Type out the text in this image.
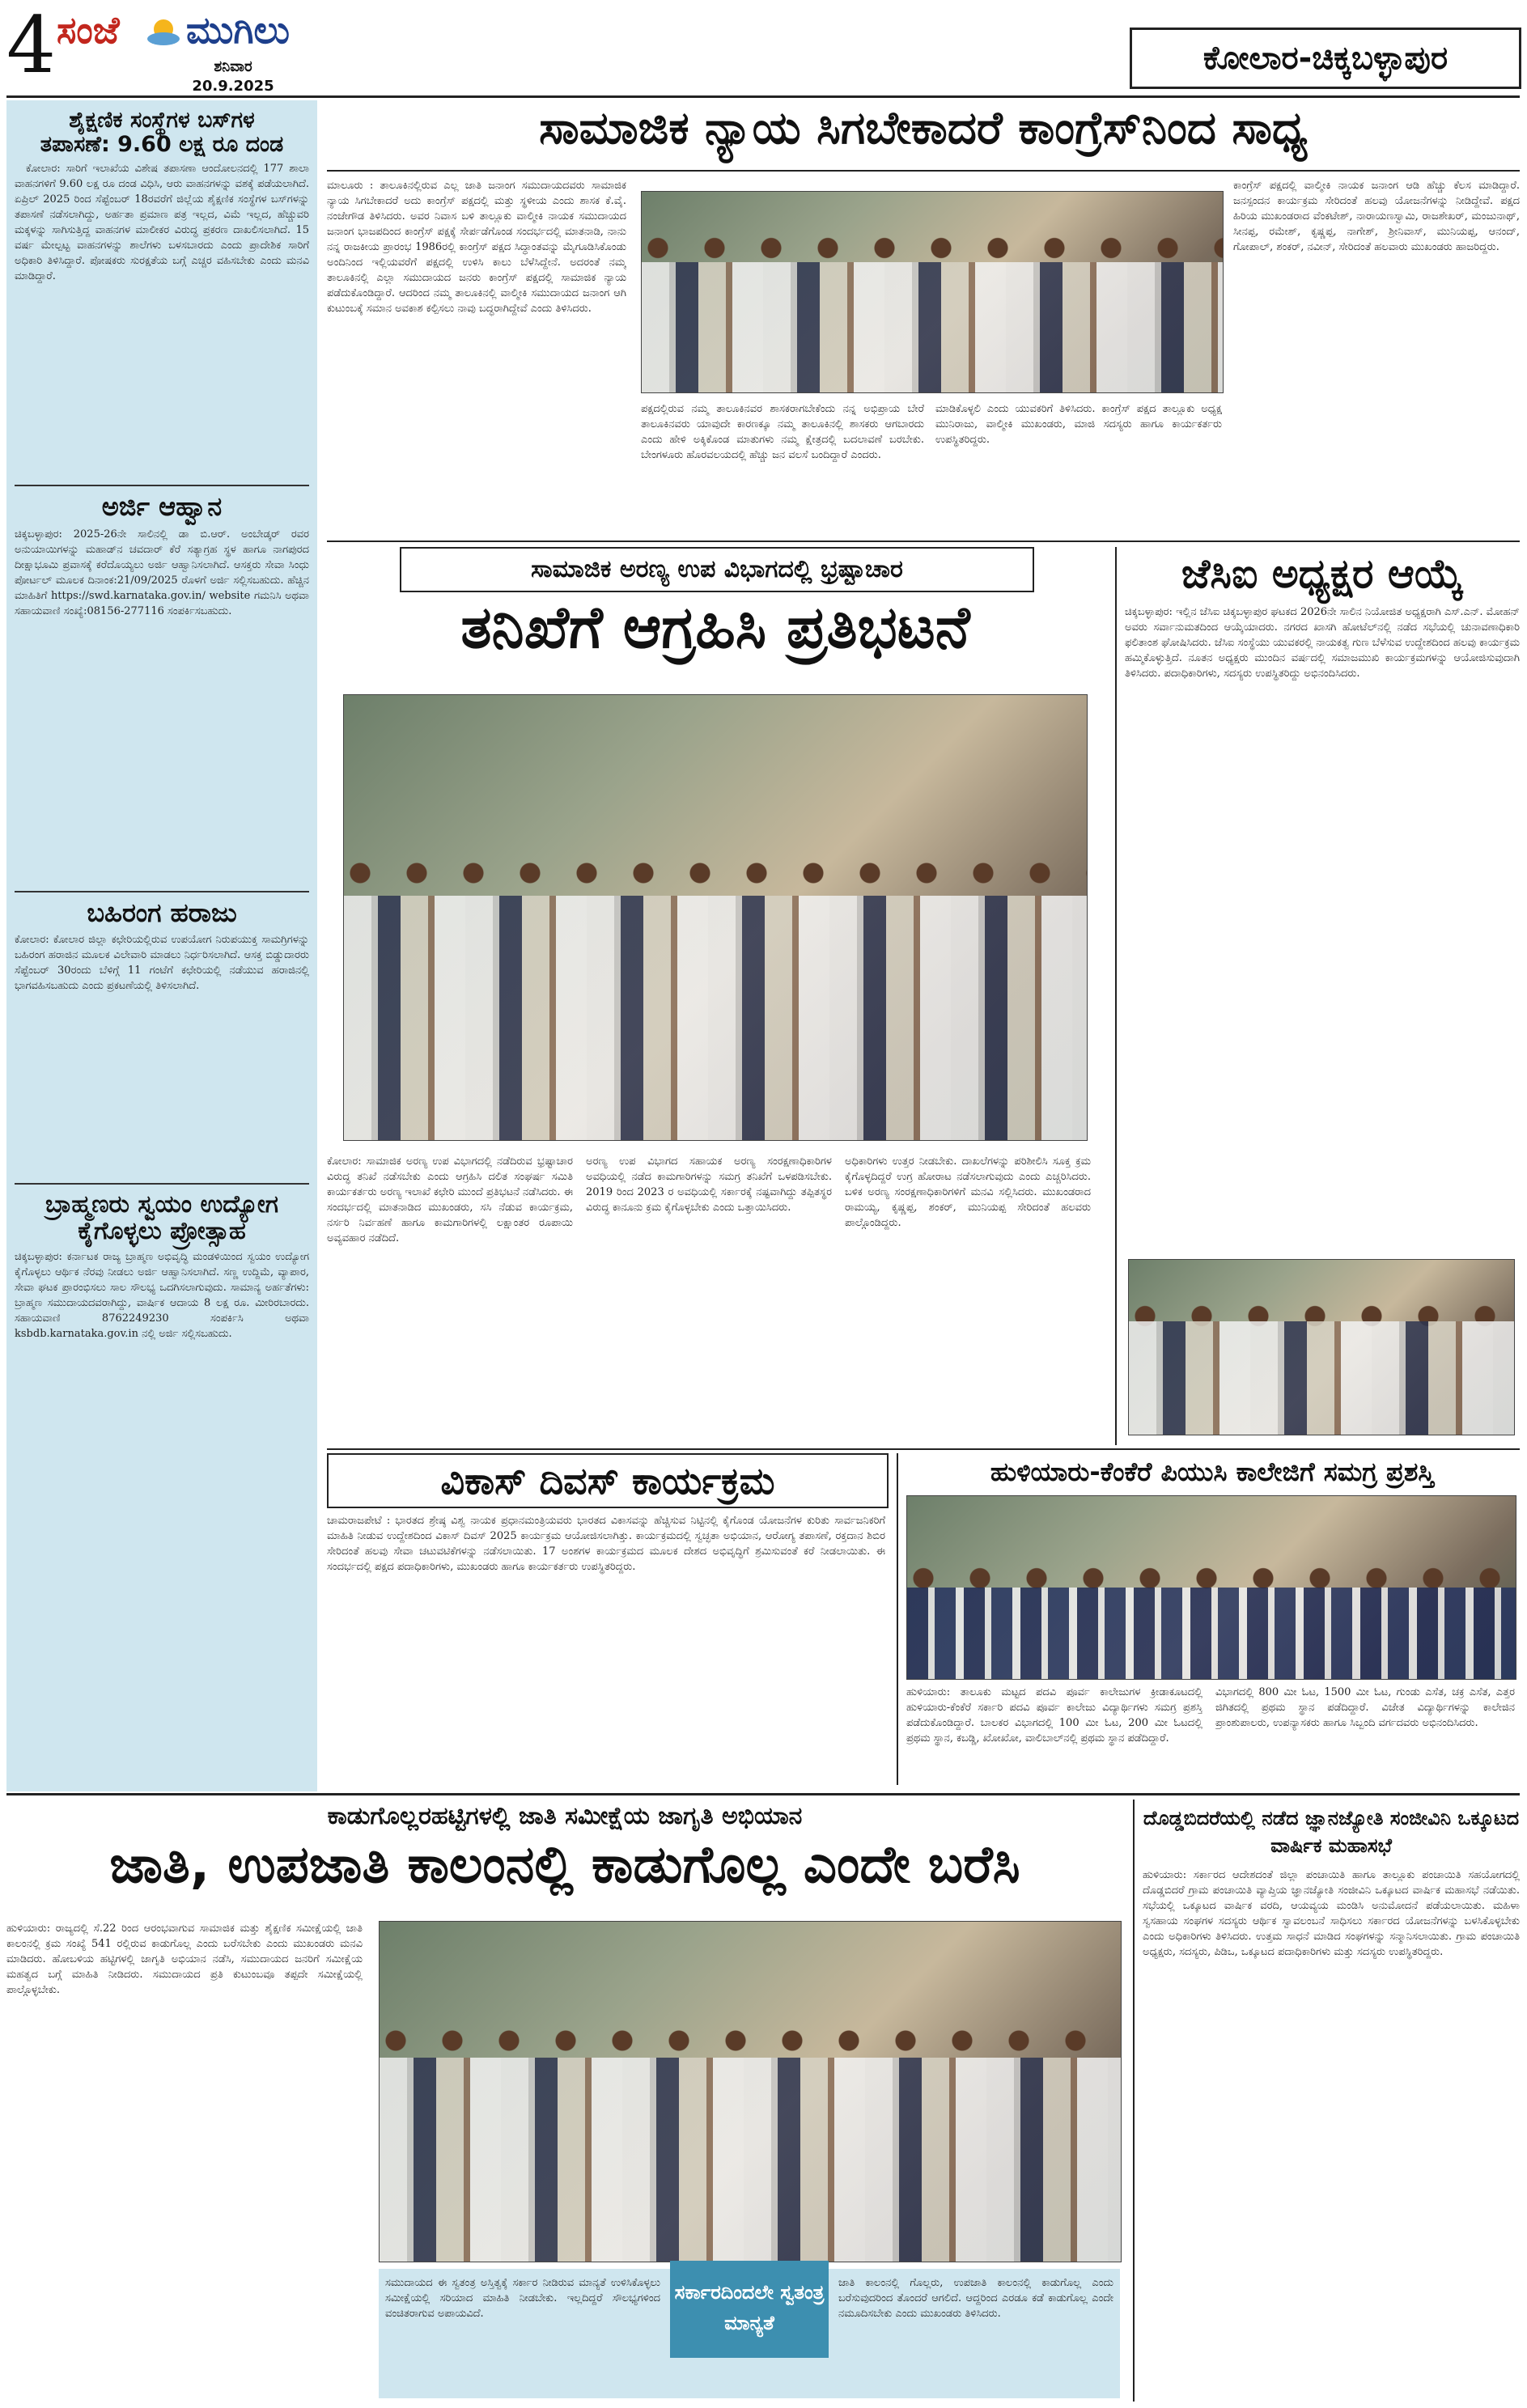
4 ಸಂಜೆ ಮುಗಿಲು
ಶನಿವಾರ
20.9.2025
ಕೋಲಾರ-ಚಿಕ್ಕಬಳ್ಳಾಪುರ
ಶೈಕ್ಷಣಿಕ ಸಂಸ್ಥೆಗಳ ಬಸ್‌ಗಳ
ತಪಾಸಣೆ: 9.60 ಲಕ್ಷ ರೂ ದಂಡ
ಕೋಲಾರ: ಸಾರಿಗೆ ಇಲಾಖೆಯ ವಿಶೇಷ ತಪಾಸಣಾ ಆಂದೋಲನದಲ್ಲಿ 177 ಶಾಲಾ ವಾಹನಗಳಿಗೆ 9.60 ಲಕ್ಷ ರೂ ದಂಡ ವಿಧಿಸಿ, ಆರು ವಾಹನಗಳನ್ನು ವಶಕ್ಕೆ ಪಡೆಯಲಾಗಿದೆ. ಏಪ್ರಿಲ್ 2025 ರಿಂದ ಸೆಪ್ಟೆಂಬರ್ 18ರವರೆಗೆ ಜಿಲ್ಲೆಯ ಶೈಕ್ಷಣಿಕ ಸಂಸ್ಥೆಗಳ ಬಸ್‌ಗಳನ್ನು ತಪಾಸಣೆ ನಡೆಸಲಾಗಿದ್ದು, ಅರ್ಹತಾ ಪ್ರಮಾಣ ಪತ್ರ ಇಲ್ಲದ, ವಿಮೆ ಇಲ್ಲದ, ಹೆಚ್ಚುವರಿ ಮಕ್ಕಳನ್ನು ಸಾಗಿಸುತ್ತಿದ್ದ ವಾಹನಗಳ ಮಾಲೀಕರ ವಿರುದ್ಧ ಪ್ರಕರಣ ದಾಖಲಿಸಲಾಗಿದೆ. 15 ವರ್ಷ ಮೇಲ್ಪಟ್ಟ ವಾಹನಗಳನ್ನು ಶಾಲೆಗಳು ಬಳಸಬಾರದು ಎಂದು ಪ್ರಾದೇಶಿಕ ಸಾರಿಗೆ ಅಧಿಕಾರಿ ತಿಳಿಸಿದ್ದಾರೆ. ಪೋಷಕರು ಸುರಕ್ಷತೆಯ ಬಗ್ಗೆ ಎಚ್ಚರ ವಹಿಸಬೇಕು ಎಂದು ಮನವಿ ಮಾಡಿದ್ದಾರೆ.
ಅರ್ಜಿ ಆಹ್ವಾನ
ಚಿಕ್ಕಬಳ್ಳಾಪುರ: 2025-26ನೇ ಸಾಲಿನಲ್ಲಿ ಡಾ ಬಿ.ಆರ್. ಅಂಬೇಡ್ಕರ್ ರವರ ಅನುಯಾಯಿಗಳನ್ನು ಮಹಾಡ್‌ನ ಚವದಾರ್ ಕೆರೆ ಸತ್ಯಾಗ್ರಹ ಸ್ಥಳ ಹಾಗೂ ನಾಗಪುರದ ದೀಕ್ಷಾಭೂಮಿ ಪ್ರವಾಸಕ್ಕೆ ಕರೆದೊಯ್ಯಲು ಅರ್ಜಿ ಆಹ್ವಾನಿಸಲಾಗಿದೆ. ಆಸಕ್ತರು ಸೇವಾ ಸಿಂಧು ಪೋರ್ಟಲ್ ಮೂಲಕ ದಿನಾಂಕ:21/09/2025 ರೊಳಗೆ ಅರ್ಜಿ ಸಲ್ಲಿಸಬಹುದು. ಹೆಚ್ಚಿನ ಮಾಹಿತಿಗೆ https://swd.karnataka.gov.in/ website ಗಮನಿಸಿ ಅಥವಾ ಸಹಾಯವಾಣಿ ಸಂಖ್ಯೆ:08156-277116 ಸಂಪರ್ಕಿಸಬಹುದು.
ಬಹಿರಂಗ ಹರಾಜು
ಕೋಲಾರ: ಕೋಲಾರ ಜಿಲ್ಲಾ ಕಛೇರಿಯಲ್ಲಿರುವ ಉಪಯೋಗ ನಿರುಪಯುಕ್ತ ಸಾಮಗ್ರಿಗಳನ್ನು ಬಹಿರಂಗ ಹರಾಜಿನ ಮೂಲಕ ವಿಲೇವಾರಿ ಮಾಡಲು ನಿರ್ಧರಿಸಲಾಗಿದೆ. ಆಸಕ್ತ ಬಿಡ್ಡುದಾರರು ಸೆಪ್ಟೆಂಬರ್ 30ರಂದು ಬೆಳಿಗ್ಗೆ 11 ಗಂಟೆಗೆ ಕಛೇರಿಯಲ್ಲಿ ನಡೆಯುವ ಹರಾಜಿನಲ್ಲಿ ಭಾಗವಹಿಸಬಹುದು ಎಂದು ಪ್ರಕಟಣೆಯಲ್ಲಿ ತಿಳಿಸಲಾಗಿದೆ.
ಬ್ರಾಹ್ಮಣರು ಸ್ವಯಂ ಉದ್ಯೋಗ ಕೈಗೊಳ್ಳಲು ಪ್ರೋತ್ಸಾಹ
ಚಿಕ್ಕಬಳ್ಳಾಪುರ: ಕರ್ನಾಟಕ ರಾಜ್ಯ ಬ್ರಾಹ್ಮಣ ಅಭಿವೃದ್ಧಿ ಮಂಡಳಿಯಿಂದ ಸ್ವಯಂ ಉದ್ಯೋಗ ಕೈಗೊಳ್ಳಲು ಆರ್ಥಿಕ ನೆರವು ನೀಡಲು ಅರ್ಜಿ ಆಹ್ವಾನಿಸಲಾಗಿದೆ. ಸಣ್ಣ ಉದ್ದಿಮೆ, ವ್ಯಾಪಾರ, ಸೇವಾ ಘಟಕ ಪ್ರಾರಂಭಿಸಲು ಸಾಲ ಸೌಲಭ್ಯ ಒದಗಿಸಲಾಗುವುದು. ಸಾಮಾನ್ಯ ಅರ್ಹತೆಗಳು: ಬ್ರಾಹ್ಮಣ ಸಮುದಾಯದವರಾಗಿದ್ದು, ವಾರ್ಷಿಕ ಆದಾಯ 8 ಲಕ್ಷ ರೂ. ಮೀರಿರಬಾರದು. ಸಹಾಯವಾಣಿ 8762249230 ಸಂಪರ್ಕಿಸಿ ಅಥವಾ ksbdb.karnataka.gov.in ನಲ್ಲಿ ಅರ್ಜಿ ಸಲ್ಲಿಸಬಹುದು.
ಸಾಮಾಜಿಕ ನ್ಯಾಯ ಸಿಗಬೇಕಾದರೆ ಕಾಂಗ್ರೆಸ್‌ನಿಂದ ಸಾಧ್ಯ
ಮಾಲೂರು : ತಾಲೂಕಿನಲ್ಲಿರುವ ಎಲ್ಲ ಜಾತಿ ಜನಾಂಗ ಸಮುದಾಯದವರು ಸಾಮಾಜಿಕ ನ್ಯಾಯ ಸಿಗಬೇಕಾದರೆ ಅದು ಕಾಂಗ್ರೆಸ್ ಪಕ್ಷದಲ್ಲಿ ಮತ್ತು ಸ್ಥಳೀಯ ಎಂದು ಶಾಸಕ ಕೆ.ವೈ. ನಂಜೇಗೌಡ ತಿಳಿಸಿದರು. ಅವರ ನಿವಾಸ ಬಳಿ ತಾಲ್ಲೂಕು ವಾಲ್ಮೀಕಿ ನಾಯಕ ಸಮುದಾಯದ ಜನಾಂಗ ಭಾಜಪದಿಂದ ಕಾಂಗ್ರೆಸ್ ಪಕ್ಷಕ್ಕೆ ಸೇರ್ಪಡೆಗೊಂಡ ಸಂದರ್ಭದಲ್ಲಿ ಮಾತನಾಡಿ, ನಾನು ನನ್ನ ರಾಜಕೀಯ ಪ್ರಾರಂಭ 1986ರಲ್ಲಿ ಕಾಂಗ್ರೆಸ್ ಪಕ್ಷದ ಸಿದ್ಧಾಂತವನ್ನು ಮೈಗೂಡಿಸಿಕೊಂಡು ಅಂದಿನಿಂದ ಇಲ್ಲಿಯವರೆಗೆ ಪಕ್ಷದಲ್ಲಿ ಉಳಿಸಿ ಕಾಲು ಬೆಳೆಸಿದ್ದೇನೆ. ಅದರಂತೆ ನಮ್ಮ ತಾಲೂಕಿನಲ್ಲಿ ಎಲ್ಲಾ ಸಮುದಾಯದ ಜನರು ಕಾಂಗ್ರೆಸ್ ಪಕ್ಷದಲ್ಲಿ ಸಾಮಾಜಿಕ ನ್ಯಾಯ ಪಡೆದುಕೊಂಡಿದ್ದಾರೆ. ಆದರಿಂದ ನಮ್ಮ ತಾಲೂಕಿನಲ್ಲಿ ವಾಲ್ಮೀಕಿ ಸಮುದಾಯದ ಜನಾಂಗ ಆಗಿ ಕುಟುಂಬಕ್ಕೆ ಸಮಾನ ಅವಕಾಶ ಕಲ್ಪಿಸಲು ನಾವು ಬದ್ಧರಾಗಿದ್ದೇವೆ ಎಂದು ತಿಳಿಸಿದರು.
ಪಕ್ಷದಲ್ಲಿರುವ ನಮ್ಮ ತಾಲೂಕಿನವರ ಶಾಸಕರಾಗಬೇಕೆಂದು ನನ್ನ ಅಭಿಪ್ರಾಯ ಬೇರೆ ತಾಲೂಕಿನವರು ಯಾವುದೇ ಕಾರಣಕ್ಕೂ ನಮ್ಮ ತಾಲೂಕಿನಲ್ಲಿ ಶಾಸಕರು ಆಗಬಾರದು ಎಂದು ಹೇಳಿ ಅಕ್ಕಿಕೊಂಡ ಮಾತುಗಳು ನಮ್ಮ ಕ್ಷೇತ್ರದಲ್ಲಿ ಬದಲಾವಣೆ ಬರಬೇಕು. ಬೇಂಗಳೂರು ಹೊರವಲಯದಲ್ಲಿ ಹೆಚ್ಚು ಜನ ವಲಸೆ ಬಂದಿದ್ದಾರೆ ಎಂದರು.
ಮಾಡಿಕೊಳ್ಳಲಿ ಎಂದು ಯುವಕರಿಗೆ ತಿಳಿಸಿದರು. ಕಾಂಗ್ರೆಸ್ ಪಕ್ಷದ ತಾಲ್ಲೂಕು ಅಧ್ಯಕ್ಷ ಮುನಿರಾಜು, ವಾಲ್ಮೀಕಿ ಮುಖಂಡರು, ಮಾಜಿ ಸದಸ್ಯರು ಹಾಗೂ ಕಾರ್ಯಕರ್ತರು ಉಪಸ್ಥಿತರಿದ್ದರು.
ಕಾಂಗ್ರೆಸ್ ಪಕ್ಷದಲ್ಲಿ ವಾಲ್ಮೀಕಿ ನಾಯಕ ಜನಾಂಗ ಆಡಿ ಹೆಚ್ಚು ಕೆಲಸ ಮಾಡಿದ್ದಾರೆ. ಜನಸ್ಪಂದನ ಕಾರ್ಯಕ್ರಮ ಸೇರಿದಂತೆ ಹಲವು ಯೋಜನೆಗಳನ್ನು ನೀಡಿದ್ದೇವೆ. ಪಕ್ಷದ ಹಿರಿಯ ಮುಖಂಡರಾದ ವೆಂಕಟೇಶ್, ನಾರಾಯಣಸ್ವಾಮಿ, ರಾಜಶೇಖರ್, ಮಂಜುನಾಥ್, ಸೀನಪ್ಪ, ರಮೇಶ್, ಕೃಷ್ಣಪ್ಪ, ನಾಗೇಶ್, ಶ್ರೀನಿವಾಸ್, ಮುನಿಯಪ್ಪ, ಆನಂದ್, ಗೋಪಾಲ್, ಶಂಕರ್, ನವೀನ್, ಸೇರಿದಂತೆ ಹಲವಾರು ಮುಖಂಡರು ಹಾಜರಿದ್ದರು.
ಸಾಮಾಜಿಕ ಅರಣ್ಯ ಉಪ ವಿಭಾಗದಲ್ಲಿ ಭ್ರಷ್ಟಾಚಾರ
ತನಿಖೆಗೆ ಆಗ್ರಹಿಸಿ ಪ್ರತಿಭಟನೆ
ಕೋಲಾರ: ಸಾಮಾಜಿಕ ಅರಣ್ಯ ಉಪ ವಿಭಾಗದಲ್ಲಿ ನಡೆದಿರುವ ಭ್ರಷ್ಟಾಚಾರ ವಿರುದ್ಧ ತನಿಖೆ ನಡೆಸಬೇಕು ಎಂದು ಆಗ್ರಹಿಸಿ ದಲಿತ ಸಂಘರ್ಷ ಸಮಿತಿ ಕಾರ್ಯಕರ್ತರು ಅರಣ್ಯ ಇಲಾಖೆ ಕಛೇರಿ ಮುಂದೆ ಪ್ರತಿಭಟನೆ ನಡೆಸಿದರು. ಈ ಸಂದರ್ಭದಲ್ಲಿ ಮಾತನಾಡಿದ ಮುಖಂಡರು, ಸಸಿ ನೆಡುವ ಕಾರ್ಯಕ್ರಮ, ನರ್ಸರಿ ನಿರ್ವಹಣೆ ಹಾಗೂ ಕಾಮಗಾರಿಗಳಲ್ಲಿ ಲಕ್ಷಾಂತರ ರೂಪಾಯಿ ಅವ್ಯವಹಾರ ನಡೆದಿದೆ.
ಅರಣ್ಯ ಉಪ ವಿಭಾಗದ ಸಹಾಯಕ ಅರಣ್ಯ ಸಂರಕ್ಷಣಾಧಿಕಾರಿಗಳ ಅವಧಿಯಲ್ಲಿ ನಡೆದ ಕಾಮಗಾರಿಗಳನ್ನು ಸಮಗ್ರ ತನಿಖೆಗೆ ಒಳಪಡಿಸಬೇಕು. 2019 ರಿಂದ 2023 ರ ಅವಧಿಯಲ್ಲಿ ಸರ್ಕಾರಕ್ಕೆ ನಷ್ಟವಾಗಿದ್ದು ತಪ್ಪಿತಸ್ಥರ ವಿರುದ್ಧ ಕಾನೂನು ಕ್ರಮ ಕೈಗೊಳ್ಳಬೇಕು ಎಂದು ಒತ್ತಾಯಿಸಿದರು.
ಅಧಿಕಾರಿಗಳು ಉತ್ತರ ನೀಡಬೇಕು. ದಾಖಲೆಗಳನ್ನು ಪರಿಶೀಲಿಸಿ ಸೂಕ್ತ ಕ್ರಮ ಕೈಗೊಳ್ಳದಿದ್ದರೆ ಉಗ್ರ ಹೋರಾಟ ನಡೆಸಲಾಗುವುದು ಎಂದು ಎಚ್ಚರಿಸಿದರು. ಬಳಿಕ ಅರಣ್ಯ ಸಂರಕ್ಷಣಾಧಿಕಾರಿಗಳಿಗೆ ಮನವಿ ಸಲ್ಲಿಸಿದರು. ಮುಖಂಡರಾದ ರಾಮಯ್ಯ, ಕೃಷ್ಣಪ್ಪ, ಶಂಕರ್, ಮುನಿಯಪ್ಪ ಸೇರಿದಂತೆ ಹಲವರು ಪಾಲ್ಗೊಂಡಿದ್ದರು.
ಜೆಸಿಐ ಅಧ್ಯಕ್ಷರ ಆಯ್ಕೆ
ಚಿಕ್ಕಬಳ್ಳಾಪುರ: ಇಲ್ಲಿನ ಜೆಸಿಐ ಚಿಕ್ಕಬಳ್ಳಾಪುರ ಘಟಕದ 2026ನೇ ಸಾಲಿನ ನಿಯೋಜಿತ ಅಧ್ಯಕ್ಷರಾಗಿ ಎಸ್.ಎನ್. ಮೋಹನ್ ಅವರು ಸರ್ವಾನುಮತದಿಂದ ಆಯ್ಕೆಯಾದರು. ನಗರದ ಖಾಸಗಿ ಹೋಟೆಲ್‌ನಲ್ಲಿ ನಡೆದ ಸಭೆಯಲ್ಲಿ ಚುನಾವಣಾಧಿಕಾರಿ ಫಲಿತಾಂಶ ಘೋಷಿಸಿದರು. ಜೆಸಿಐ ಸಂಸ್ಥೆಯು ಯುವಕರಲ್ಲಿ ನಾಯಕತ್ವ ಗುಣ ಬೆಳೆಸುವ ಉದ್ದೇಶದಿಂದ ಹಲವು ಕಾರ್ಯಕ್ರಮ ಹಮ್ಮಿಕೊಳ್ಳುತ್ತಿದೆ. ನೂತನ ಅಧ್ಯಕ್ಷರು ಮುಂದಿನ ವರ್ಷದಲ್ಲಿ ಸಮಾಜಮುಖಿ ಕಾರ್ಯಕ್ರಮಗಳನ್ನು ಆಯೋಜಿಸುವುದಾಗಿ ತಿಳಿಸಿದರು. ಪದಾಧಿಕಾರಿಗಳು, ಸದಸ್ಯರು ಉಪಸ್ಥಿತರಿದ್ದು ಅಭಿನಂದಿಸಿದರು.
ವಿಕಾಸ್ ದಿವಸ್ ಕಾರ್ಯಕ್ರಮ
ಚಾಮರಾಜಪೇಟೆ : ಭಾರತದ ಶ್ರೇಷ್ಠ ವಿಶ್ವ ನಾಯಕ ಪ್ರಧಾನಮಂತ್ರಿಯವರು ಭಾರತದ ವಿಕಾಸವನ್ನು ಹೆಚ್ಚಿಸುವ ನಿಟ್ಟಿನಲ್ಲಿ ಕೈಗೊಂಡ ಯೋಜನೆಗಳ ಕುರಿತು ಸಾರ್ವಜನಿಕರಿಗೆ ಮಾಹಿತಿ ನೀಡುವ ಉದ್ದೇಶದಿಂದ ವಿಕಾಸ್ ದಿವಸ್ 2025 ಕಾರ್ಯಕ್ರಮ ಆಯೋಜಿಸಲಾಗಿತ್ತು. ಕಾರ್ಯಕ್ರಮದಲ್ಲಿ ಸ್ವಚ್ಛತಾ ಅಭಿಯಾನ, ಆರೋಗ್ಯ ತಪಾಸಣೆ, ರಕ್ತದಾನ ಶಿಬಿರ ಸೇರಿದಂತೆ ಹಲವು ಸೇವಾ ಚಟುವಟಿಕೆಗಳನ್ನು ನಡೆಸಲಾಯಿತು. 17 ಅಂಶಗಳ ಕಾರ್ಯಕ್ರಮದ ಮೂಲಕ ದೇಶದ ಅಭಿವೃದ್ಧಿಗೆ ಶ್ರಮಿಸುವಂತೆ ಕರೆ ನೀಡಲಾಯಿತು. ಈ ಸಂದರ್ಭದಲ್ಲಿ ಪಕ್ಷದ ಪದಾಧಿಕಾರಿಗಳು, ಮುಖಂಡರು ಹಾಗೂ ಕಾರ್ಯಕರ್ತರು ಉಪಸ್ಥಿತರಿದ್ದರು.
ಹುಳಿಯಾರು-ಕೆಂಕೆರೆ ಪಿಯುಸಿ ಕಾಲೇಜಿಗೆ ಸಮಗ್ರ ಪ್ರಶಸ್ತಿ
ಹುಳಿಯಾರು: ತಾಲೂಕು ಮಟ್ಟದ ಪದವಿ ಪೂರ್ವ ಕಾಲೇಜುಗಳ ಕ್ರೀಡಾಕೂಟದಲ್ಲಿ ಹುಳಿಯಾರು-ಕೆಂಕೆರೆ ಸರ್ಕಾರಿ ಪದವಿ ಪೂರ್ವ ಕಾಲೇಜು ವಿದ್ಯಾರ್ಥಿಗಳು ಸಮಗ್ರ ಪ್ರಶಸ್ತಿ ಪಡೆದುಕೊಂಡಿದ್ದಾರೆ. ಬಾಲಕರ ವಿಭಾಗದಲ್ಲಿ 100 ಮೀ ಓಟ, 200 ಮೀ ಓಟದಲ್ಲಿ ಪ್ರಥಮ ಸ್ಥಾನ, ಕಬಡ್ಡಿ, ಖೋಖೋ, ವಾಲಿಬಾಲ್‌ನಲ್ಲಿ ಪ್ರಥಮ ಸ್ಥಾನ ಪಡೆದಿದ್ದಾರೆ.
ವಿಭಾಗದಲ್ಲಿ 800 ಮೀ ಓಟ, 1500 ಮೀ ಓಟ, ಗುಂಡು ಎಸೆತ, ಚಕ್ರ ಎಸೆತ, ಎತ್ತರ ಜಿಗಿತದಲ್ಲಿ ಪ್ರಥಮ ಸ್ಥಾನ ಪಡೆದಿದ್ದಾರೆ. ವಿಜೇತ ವಿದ್ಯಾರ್ಥಿಗಳನ್ನು ಕಾಲೇಜಿನ ಪ್ರಾಂಶುಪಾಲರು, ಉಪನ್ಯಾಸಕರು ಹಾಗೂ ಸಿಬ್ಬಂದಿ ವರ್ಗದವರು ಅಭಿನಂದಿಸಿದರು.
ಕಾಡುಗೊಲ್ಲರಹಟ್ಟಿಗಳಲ್ಲಿ ಜಾತಿ ಸಮೀಕ್ಷೆಯ ಜಾಗೃತಿ ಅಭಿಯಾನ
ಜಾತಿ, ಉಪಜಾತಿ ಕಾಲಂನಲ್ಲಿ ಕಾಡುಗೊಲ್ಲ ಎಂದೇ ಬರೆಸಿ
ಹುಳಿಯಾರು: ರಾಜ್ಯದಲ್ಲಿ ಸೆ.22 ರಿಂದ ಆರಂಭವಾಗುವ ಸಾಮಾಜಿಕ ಮತ್ತು ಶೈಕ್ಷಣಿಕ ಸಮೀಕ್ಷೆಯಲ್ಲಿ ಜಾತಿ ಕಾಲಂನಲ್ಲಿ ಕ್ರಮ ಸಂಖ್ಯೆ 541 ರಲ್ಲಿರುವ ಕಾಡುಗೊಲ್ಲ ಎಂದು ಬರೆಸಬೇಕು ಎಂದು ಮುಖಂಡರು ಮನವಿ ಮಾಡಿದರು. ಹೋಬಳಿಯ ಹಟ್ಟಿಗಳಲ್ಲಿ ಜಾಗೃತಿ ಅಭಿಯಾನ ನಡೆಸಿ, ಸಮುದಾಯದ ಜನರಿಗೆ ಸಮೀಕ್ಷೆಯ ಮಹತ್ವದ ಬಗ್ಗೆ ಮಾಹಿತಿ ನೀಡಿದರು. ಸಮುದಾಯದ ಪ್ರತಿ ಕುಟುಂಬವೂ ತಪ್ಪದೇ ಸಮೀಕ್ಷೆಯಲ್ಲಿ ಪಾಲ್ಗೊಳ್ಳಬೇಕು.
ಸಮುದಾಯದ ಈ ಸ್ವತಂತ್ರ ಅಸ್ತಿತ್ವಕ್ಕೆ ಸರ್ಕಾರ ನೀಡಿರುವ ಮಾನ್ಯತೆ ಉಳಿಸಿಕೊಳ್ಳಲು ಸಮೀಕ್ಷೆಯಲ್ಲಿ ಸರಿಯಾದ ಮಾಹಿತಿ ನೀಡಬೇಕು. ಇಲ್ಲದಿದ್ದರೆ ಸೌಲಭ್ಯಗಳಿಂದ ವಂಚಿತರಾಗುವ ಅಪಾಯವಿದೆ.
ಸರ್ಕಾರದಿಂದಲೇ ಸ್ವತಂತ್ರ ಮಾನ್ಯತೆ
ಜಾತಿ ಕಾಲಂನಲ್ಲಿ ಗೊಲ್ಲರು, ಉಪಜಾತಿ ಕಾಲಂನಲ್ಲಿ ಕಾಡುಗೊಲ್ಲ ಎಂದು ಬರೆಸುವುದರಿಂದ ತೊಂದರೆ ಆಗಲಿದೆ. ಆದ್ದರಿಂದ ಎರಡೂ ಕಡೆ ಕಾಡುಗೊಲ್ಲ ಎಂದೇ ನಮೂದಿಸಬೇಕು ಎಂದು ಮುಖಂಡರು ತಿಳಿಸಿದರು.
ದೊಡ್ಡಬಿದರೆಯಲ್ಲಿ ನಡೆದ ಜ್ಞಾನಜ್ಯೋತಿ ಸಂಜೀವಿನಿ ಒಕ್ಕೂಟದ ವಾರ್ಷಿಕ ಮಹಾಸಭೆ
ಹುಳಿಯಾರು: ಸರ್ಕಾರದ ಆದೇಶದಂತೆ ಜಿಲ್ಲಾ ಪಂಚಾಯಿತಿ ಹಾಗೂ ತಾಲ್ಲೂಕು ಪಂಚಾಯಿತಿ ಸಹಯೋಗದಲ್ಲಿ ದೊಡ್ಡಬಿದರೆ ಗ್ರಾಮ ಪಂಚಾಯಿತಿ ವ್ಯಾಪ್ತಿಯ ಜ್ಞಾನಜ್ಯೋತಿ ಸಂಜೀವಿನಿ ಒಕ್ಕೂಟದ ವಾರ್ಷಿಕ ಮಹಾಸಭೆ ನಡೆಯಿತು. ಸಭೆಯಲ್ಲಿ ಒಕ್ಕೂಟದ ವಾರ್ಷಿಕ ವರದಿ, ಆಯವ್ಯಯ ಮಂಡಿಸಿ ಅನುಮೋದನೆ ಪಡೆಯಲಾಯಿತು. ಮಹಿಳಾ ಸ್ವಸಹಾಯ ಸಂಘಗಳ ಸದಸ್ಯರು ಆರ್ಥಿಕ ಸ್ವಾವಲಂಬನೆ ಸಾಧಿಸಲು ಸರ್ಕಾರದ ಯೋಜನೆಗಳನ್ನು ಬಳಸಿಕೊಳ್ಳಬೇಕು ಎಂದು ಅಧಿಕಾರಿಗಳು ತಿಳಿಸಿದರು. ಉತ್ತಮ ಸಾಧನೆ ಮಾಡಿದ ಸಂಘಗಳನ್ನು ಸನ್ಮಾನಿಸಲಾಯಿತು. ಗ್ರಾಮ ಪಂಚಾಯಿತಿ ಅಧ್ಯಕ್ಷರು, ಸದಸ್ಯರು, ಪಿಡಿಒ, ಒಕ್ಕೂಟದ ಪದಾಧಿಕಾರಿಗಳು ಮತ್ತು ಸದಸ್ಯರು ಉಪಸ್ಥಿತರಿದ್ದರು.
